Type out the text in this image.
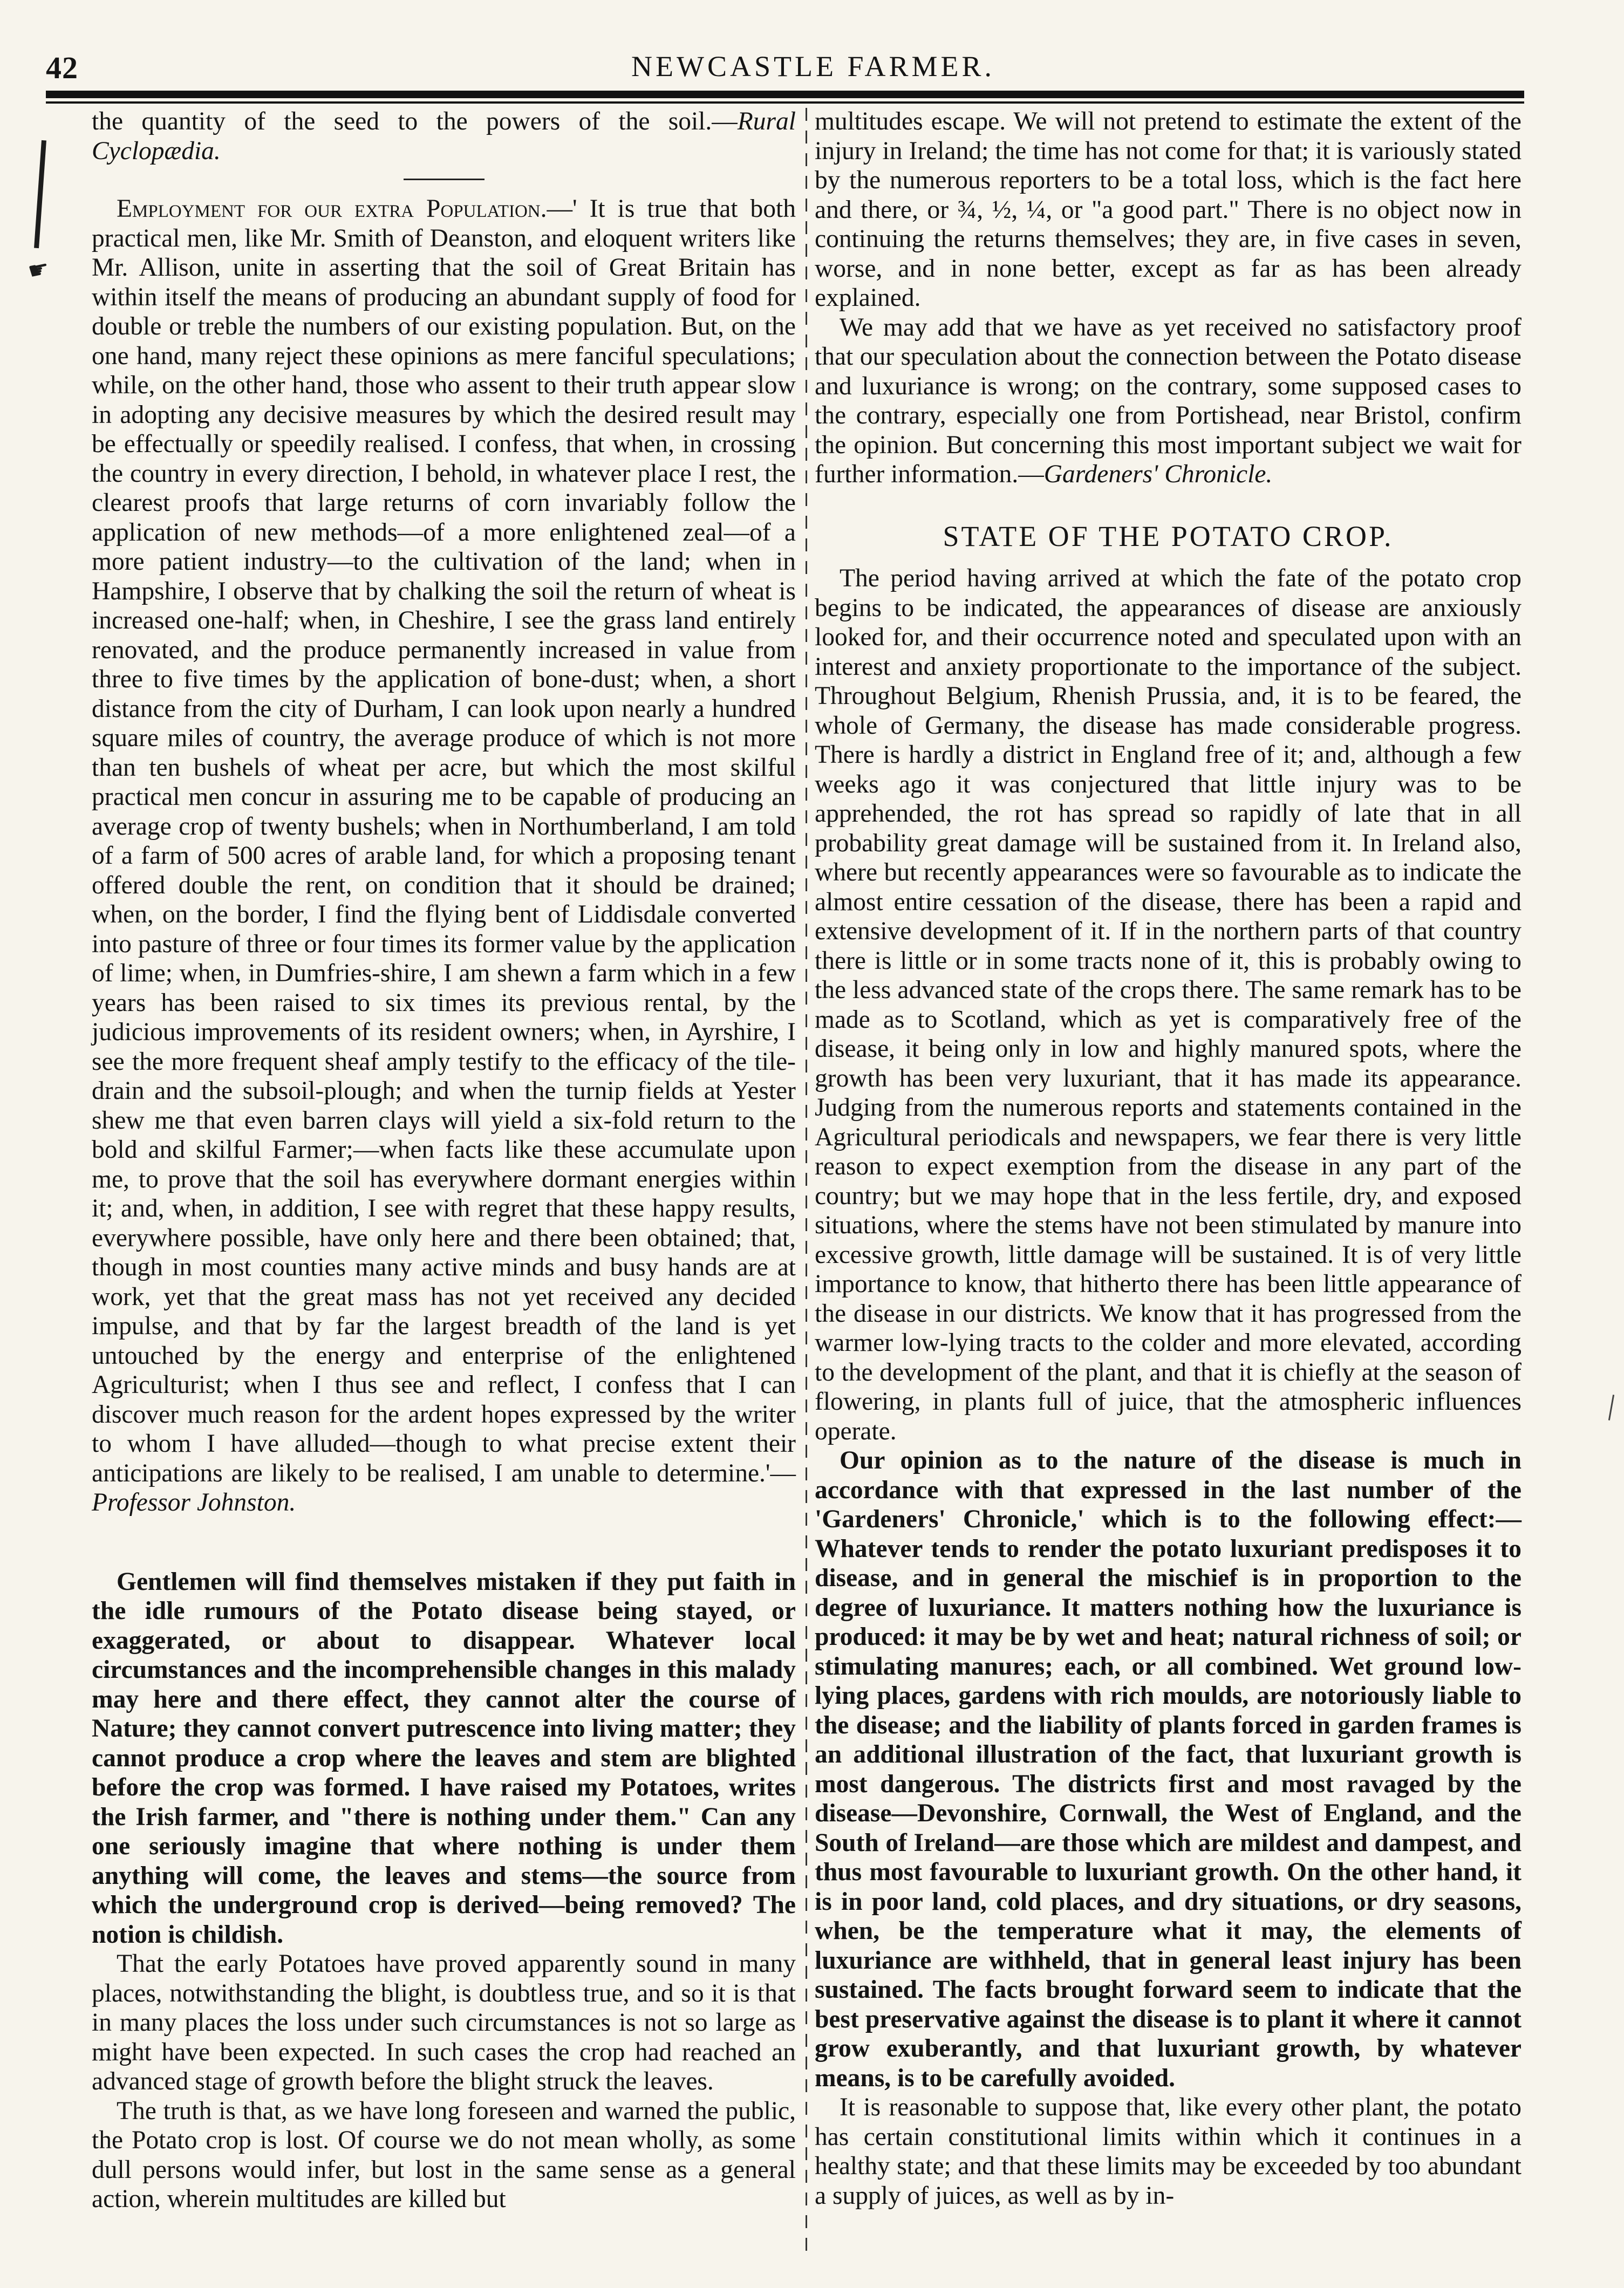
42	NEWCASTLE FARMER.
☛

the quantity of the seed to the powers of the soil.—Rural Cyclopædia.

Employment for our extra Population.—' It is true that both practical men, like Mr. Smith of Deanston, and eloquent writers like Mr. Allison, unite in asserting that the soil of Great Britain has within itself the means of producing an abundant supply of food for double or treble the numbers of our existing population. But, on the one hand, many reject these opinions as mere fanciful speculations; while, on the other hand, those who assent to their truth appear slow in adopting any decisive measures by which the desired result may be effectually or speedily realised. I confess, that when, in crossing the country in every direction, I behold, in whatever place I rest, the clearest proofs that large returns of corn invariably follow the application of new methods—of a more enlightened zeal—of a more patient industry—to the cultivation of the land; when in Hampshire, I observe that by chalking the soil the return of wheat is increased one-half; when, in Cheshire, I see the grass land entirely renovated, and the produce permanently increased in value from three to five times by the application of bone-dust; when, a short distance from the city of Durham, I can look upon nearly a hundred square miles of country, the average produce of which is not more than ten bushels of wheat per acre, but which the most skilful practical men concur in assuring me to be capable of producing an average crop of twenty bushels; when in Northumberland, I am told of a farm of 500 acres of arable land, for which a proposing tenant offered double the rent, on condition that it should be drained; when, on the border, I find the flying bent of Liddisdale converted into pasture of three or four times its former value by the application of lime; when, in Dumfries-shire, I am shewn a farm which in a few years has been raised to six times its previous rental, by the judicious improvements of its resident owners; when, in Ayrshire, I see the more frequent sheaf amply testify to the efficacy of the tile-drain and the subsoil-plough; and when the turnip fields at Yester shew me that even barren clays will yield a six-fold return to the bold and skilful Farmer;—when facts like these accumulate upon me, to prove that the soil has everywhere dormant energies within it; and, when, in addition, I see with regret that these happy results, everywhere possible, have only here and there been obtained; that, though in most counties many active minds and busy hands are at work, yet that the great mass has not yet received any decided impulse, and that by far the largest breadth of the land is yet untouched by the energy and enterprise of the enlightened Agriculturist; when I thus see and reflect, I confess that I can discover much reason for the ardent hopes expressed by the writer to whom I have alluded—though to what precise extent their anticipations are likely to be realised, I am unable to determine.'—Professor Johnston.

Gentlemen will find themselves mistaken if they put faith in the idle rumours of the Potato disease being stayed, or exaggerated, or about to disappear. Whatever local circumstances and the incomprehensible changes in this malady may here and there effect, they cannot alter the course of Nature; they cannot convert putrescence into living matter; they cannot produce a crop where the leaves and stem are blighted before the crop was formed. I have raised my Potatoes, writes the Irish farmer, and "there is nothing under them." Can any one seriously imagine that where nothing is under them anything will come, the leaves and stems—the source from which the underground crop is derived—being removed? The notion is childish.

That the early Potatoes have proved apparently sound in many places, notwithstanding the blight, is doubtless true, and so it is that in many places the loss under such circumstances is not so large as might have been expected. In such cases the crop had reached an advanced stage of growth before the blight struck the leaves.

The truth is that, as we have long foreseen and warned the public, the Potato crop is lost. Of course we do not mean wholly, as some dull persons would infer, but lost in the same sense as a general action, wherein multitudes are killed but

multitudes escape. We will not pretend to estimate the extent of the injury in Ireland; the time has not come for that; it is variously stated by the numerous reporters to be a total loss, which is the fact here and there, or ¾, ½, ¼, or "a good part." There is no object now in continuing the returns themselves; they are, in five cases in seven, worse, and in none better, except as far as has been already explained.

We may add that we have as yet received no satisfactory proof that our speculation about the connection between the Potato disease and luxuriance is wrong; on the contrary, some supposed cases to the contrary, especially one from Portishead, near Bristol, confirm the opinion. But concerning this most important subject we wait for further information.—Gardeners' Chronicle.

STATE OF THE POTATO CROP.

The period having arrived at which the fate of the potato crop begins to be indicated, the appearances of disease are anxiously looked for, and their occurrence noted and speculated upon with an interest and anxiety proportionate to the importance of the subject. Throughout Belgium, Rhenish Prussia, and, it is to be feared, the whole of Germany, the disease has made considerable progress. There is hardly a district in England free of it; and, although a few weeks ago it was conjectured that little injury was to be apprehended, the rot has spread so rapidly of late that in all probability great damage will be sustained from it. In Ireland also, where but recently appearances were so favourable as to indicate the almost entire cessation of the disease, there has been a rapid and extensive development of it. If in the northern parts of that country there is little or in some tracts none of it, this is probably owing to the less advanced state of the crops there. The same remark has to be made as to Scotland, which as yet is comparatively free of the disease, it being only in low and highly manured spots, where the growth has been very luxuriant, that it has made its appearance. Judging from the numerous reports and statements contained in the Agricultural periodicals and newspapers, we fear there is very little reason to expect exemption from the disease in any part of the country; but we may hope that in the less fertile, dry, and exposed situations, where the stems have not been stimulated by manure into excessive growth, little damage will be sustained. It is of very little importance to know, that hitherto there has been little appearance of the disease in our districts. We know that it has progressed from the warmer low-lying tracts to the colder and more elevated, according to the development of the plant, and that it is chiefly at the season of flowering, in plants full of juice, that the atmospheric influences operate.

Our opinion as to the nature of the disease is much in accordance with that expressed in the last number of the 'Gardeners' Chronicle,' which is to the following effect:—Whatever tends to render the potato luxuriant predisposes it to disease, and in general the mischief is in proportion to the degree of luxuriance. It matters nothing how the luxuriance is produced: it may be by wet and heat; natural richness of soil; or stimulating manures; each, or all combined. Wet ground low-lying places, gardens with rich moulds, are notoriously liable to the disease; and the liability of plants forced in garden frames is an additional illustration of the fact, that luxuriant growth is most dangerous. The districts first and most ravaged by the disease—Devonshire, Cornwall, the West of England, and the South of Ireland—are those which are mildest and dampest, and thus most favourable to luxuriant growth. On the other hand, it is in poor land, cold places, and dry situations, or dry seasons, when, be the temperature what it may, the elements of luxuriance are withheld, that in general least injury has been sustained. The facts brought forward seem to indicate that the best preservative against the disease is to plant it where it cannot grow exuberantly, and that luxuriant growth, by whatever means, is to be carefully avoided.

It is reasonable to suppose that, like every other plant, the potato has certain constitutional limits within which it continues in a healthy state; and that these limits may be exceeded by too abundant a supply of juices, as well as by in-
